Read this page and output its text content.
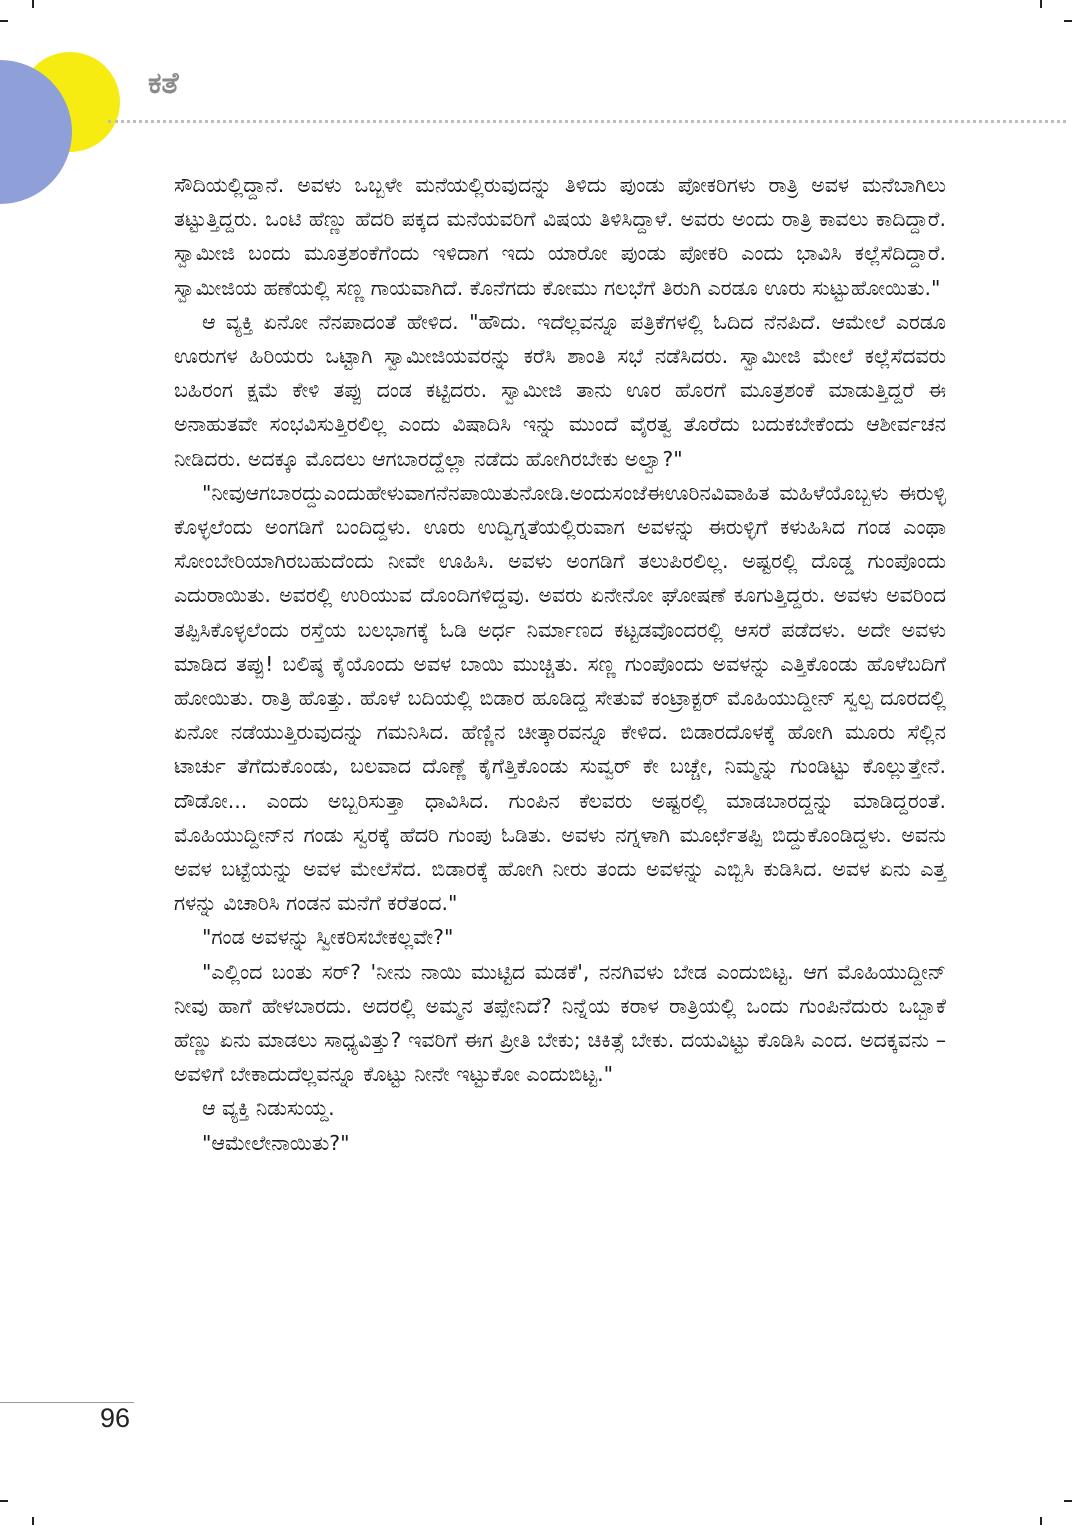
ಕತೆ

ಸೌದಿಯಲ್ಲಿದ್ದಾನೆ. ಅವಳು ಒಬ್ಬಳೇ ಮನೆಯಲ್ಲಿರುವುದನ್ನು ತಿಳಿದು ಪುಂಡು ಪೋಕರಿಗಳು ರಾತ್ರಿ ಅವಳ ಮನೆಬಾಗಿಲು ತಟ್ಟುತ್ತಿದ್ದರು. ಒಂಟಿ ಹೆಣ್ಣು ಹೆದರಿ ಪಕ್ಕದ ಮನೆಯವರಿಗೆ ವಿಷಯ ತಿಳಿಸಿದ್ದಾಳೆ. ಅವರು ಅಂದು ರಾತ್ರಿ ಕಾವಲು ಕಾದಿದ್ದಾರೆ. ಸ್ವಾಮೀಜಿ ಬಂದು ಮೂತ್ರಶಂಕೆಗೆಂದು ಇಳಿದಾಗ ಇದು ಯಾರೋ ಪುಂಡು ಪೋಕರಿ ಎಂದು ಭಾವಿಸಿ ಕಲ್ಲೆಸೆದಿದ್ದಾರೆ. ಸ್ವಾಮೀಜಿಯ ಹಣೆಯಲ್ಲಿ ಸಣ್ಣ ಗಾಯವಾಗಿದೆ. ಕೊನೆಗದು ಕೋಮು ಗಲಭೆಗೆ ತಿರುಗಿ ಎರಡೂ ಊರು ಸುಟ್ಟುಹೋಯಿತು."

ಆ ವ್ಯಕ್ತಿ ಏನೋ ನೆನಪಾದಂತೆ ಹೇಳಿದ. "ಹೌದು. ಇದೆಲ್ಲವನ್ನೂ ಪತ್ರಿಕೆಗಳಲ್ಲಿ ಓದಿದ ನೆನಪಿದೆ. ಆಮೇಲೆ ಎರಡೂ ಊರುಗಳ ಹಿರಿಯರು ಒಟ್ಟಾಗಿ ಸ್ವಾಮೀಜಿಯವರನ್ನು ಕರೆಸಿ ಶಾಂತಿ ಸಭೆ ನಡೆಸಿದರು. ಸ್ವಾಮೀಜಿ ಮೇಲೆ ಕಲ್ಲೆಸೆದವರು ಬಹಿರಂಗ ಕ್ಷಮೆ ಕೇಳಿ ತಪ್ಪು ದಂಡ ಕಟ್ಟಿದರು. ಸ್ವಾಮೀಜಿ ತಾನು ಊರ ಹೊರಗೆ ಮೂತ್ರಶಂಕೆ ಮಾಡುತ್ತಿದ್ದರೆ ಈ ಅನಾಹುತವೇ ಸಂಭವಿಸುತ್ತಿರಲಿಲ್ಲ ಎಂದು ವಿಷಾದಿಸಿ ಇನ್ನು ಮುಂದೆ ವೈರತ್ವ ತೊರೆದು ಬದುಕಬೇಕೆಂದು ಆಶೀರ್ವಚನ ನೀಡಿದರು. ಅದಕ್ಕೂ ಮೊದಲು ಆಗಬಾರದ್ದೆಲ್ಲಾ ನಡೆದು ಹೋಗಿರಬೇಕು ಅಲ್ವಾ?"

"ನೀವುಆಗಬಾರದ್ದುಎಂದುಹೇಳುವಾಗನೆನಪಾಯಿತುನೋಡಿ.ಅಂದುಸಂಜೆಈಊರಿನವಿವಾಹಿತ ಮಹಿಳೆಯೊಬ್ಬಳು ಈರುಳ್ಳಿ ಕೊಳ್ಳಲೆಂದು ಅಂಗಡಿಗೆ ಬಂದಿದ್ದಳು. ಊರು ಉದ್ವಿಗ್ನತೆಯಲ್ಲಿರುವಾಗ ಅವಳನ್ನು ಈರುಳ್ಳಿಗೆ ಕಳುಹಿಸಿದ ಗಂಡ ಎಂಥಾ ಸೋಂಬೇರಿಯಾಗಿರಬಹುದೆಂದು ನೀವೇ ಊಹಿಸಿ. ಅವಳು ಅಂಗಡಿಗೆ ತಲುಪಿರಲಿಲ್ಲ. ಅಷ್ಟರಲ್ಲಿ ದೊಡ್ಡ ಗುಂಪೊಂದು ಎದುರಾಯಿತು. ಅವರಲ್ಲಿ ಉರಿಯುವ ದೊಂದಿಗಳಿದ್ದವು. ಅವರು ಏನೇನೋ ಘೋಷಣೆ ಕೂಗುತ್ತಿದ್ದರು. ಅವಳು ಅವರಿಂದ ತಪ್ಪಿಸಿಕೊಳ್ಳಲೆಂದು ರಸ್ತೆಯ ಬಲಭಾಗಕ್ಕೆ ಓಡಿ ಅರ್ಧ ನಿರ್ಮಾಣದ ಕಟ್ಟಡವೊಂದರಲ್ಲಿ ಆಸರೆ ಪಡೆದಳು. ಅದೇ ಅವಳು ಮಾಡಿದ ತಪ್ಪು! ಬಲಿಷ್ಠ ಕೈಯೊಂದು ಅವಳ ಬಾಯಿ ಮುಚ್ಚಿತು. ಸಣ್ಣ ಗುಂಪೊಂದು ಅವಳನ್ನು ಎತ್ತಿಕೊಂಡು ಹೊಳೆಬದಿಗೆ ಹೋಯಿತು. ರಾತ್ರಿ ಹೊತ್ತು. ಹೊಳೆ ಬದಿಯಲ್ಲಿ ಬಿಡಾರ ಹೂಡಿದ್ದ ಸೇತುವೆ ಕಂಟ್ರಾಕ್ಟರ್ ಮೊಹಿಯುದ್ದೀನ್ ಸ್ವಲ್ಪ ದೂರದಲ್ಲಿ ಏನೋ ನಡೆಯುತ್ತಿರುವುದನ್ನು ಗಮನಿಸಿದ. ಹೆಣ್ಣಿನ ಚೀತ್ಕಾರವನ್ನೂ ಕೇಳಿದ. ಬಿಡಾರದೊಳಕ್ಕೆ ಹೋಗಿ ಮೂರು ಸೆಲ್ಲಿನ ಟಾರ್ಚು ತೆಗೆದುಕೊಂಡು, ಬಲವಾದ ದೊಣ್ಣೆ ಕೈಗೆತ್ತಿಕೊಂಡು ಸುವ್ವರ್ ಕೇ ಬಚ್ಚೇ, ನಿಮ್ಮನ್ನು ಗುಂಡಿಟ್ಟು ಕೊಲ್ಲುತ್ತೇನೆ. ದೌಡೋ... ಎಂದು ಅಬ್ಬರಿಸುತ್ತಾ ಧಾವಿಸಿದ. ಗುಂಪಿನ ಕೆಲವರು ಅಷ್ಟರಲ್ಲಿ ಮಾಡಬಾರದ್ದನ್ನು ಮಾಡಿದ್ದರಂತೆ. ಮೊಹಿಯುದ್ದೀನ್‌ನ ಗಂಡು ಸ್ವರಕ್ಕೆ ಹೆದರಿ ಗುಂಪು ಓಡಿತು. ಅವಳು ನಗ್ನಳಾಗಿ ಮೂರ್ಛೆತಪ್ಪಿ ಬಿದ್ದುಕೊಂಡಿದ್ದಳು. ಅವನು ಅವಳ ಬಟ್ಟೆಯನ್ನು ಅವಳ ಮೇಲೆಸೆದ. ಬಿಡಾರಕ್ಕೆ ಹೋಗಿ ನೀರು ತಂದು ಅವಳನ್ನು ಎಬ್ಬಿಸಿ ಕುಡಿಸಿದ. ಅವಳ ಏನು ಎತ್ತ ಗಳನ್ನು ವಿಚಾರಿಸಿ ಗಂಡನ ಮನೆಗೆ ಕರೆತಂದ."

"ಗಂಡ ಅವಳನ್ನು ಸ್ವೀಕರಿಸಬೇಕಲ್ಲವೇ?"

"ಎಲ್ಲಿಂದ ಬಂತು ಸರ್? 'ನೀನು ನಾಯಿ ಮುಟ್ಟಿದ ಮಡಕೆ', ನನಗಿವಳು ಬೇಡ ಎಂದುಬಿಟ್ಟ. ಆಗ ಮೊಹಿಯುದ್ದೀನ್ ನೀವು ಹಾಗೆ ಹೇಳಬಾರದು. ಅದರಲ್ಲಿ ಅಮ್ಮನ ತಪ್ಪೇನಿದೆ? ನಿನ್ನೆಯ ಕರಾಳ ರಾತ್ರಿಯಲ್ಲಿ ಒಂದು ಗುಂಪಿನೆದುರು ಒಬ್ಬಾಕೆ ಹೆಣ್ಣು ಏನು ಮಾಡಲು ಸಾಧ್ಯವಿತ್ತು? ಇವರಿಗೆ ಈಗ ಪ್ರೀತಿ ಬೇಕು; ಚಿಕಿತ್ಸೆ ಬೇಕು. ದಯವಿಟ್ಟು ಕೊಡಿಸಿ ಎಂದ. ಅದಕ್ಕವನು – ಅವಳಿಗೆ ಬೇಕಾದುದೆಲ್ಲವನ್ನೂ ಕೊಟ್ಟು ನೀನೇ ಇಟ್ಟುಕೋ ಎಂದುಬಿಟ್ಟ."

ಆ ವ್ಯಕ್ತಿ ನಿಡುಸುಯ್ದ.

"ಆಮೇಲೇನಾಯಿತು?"

96
